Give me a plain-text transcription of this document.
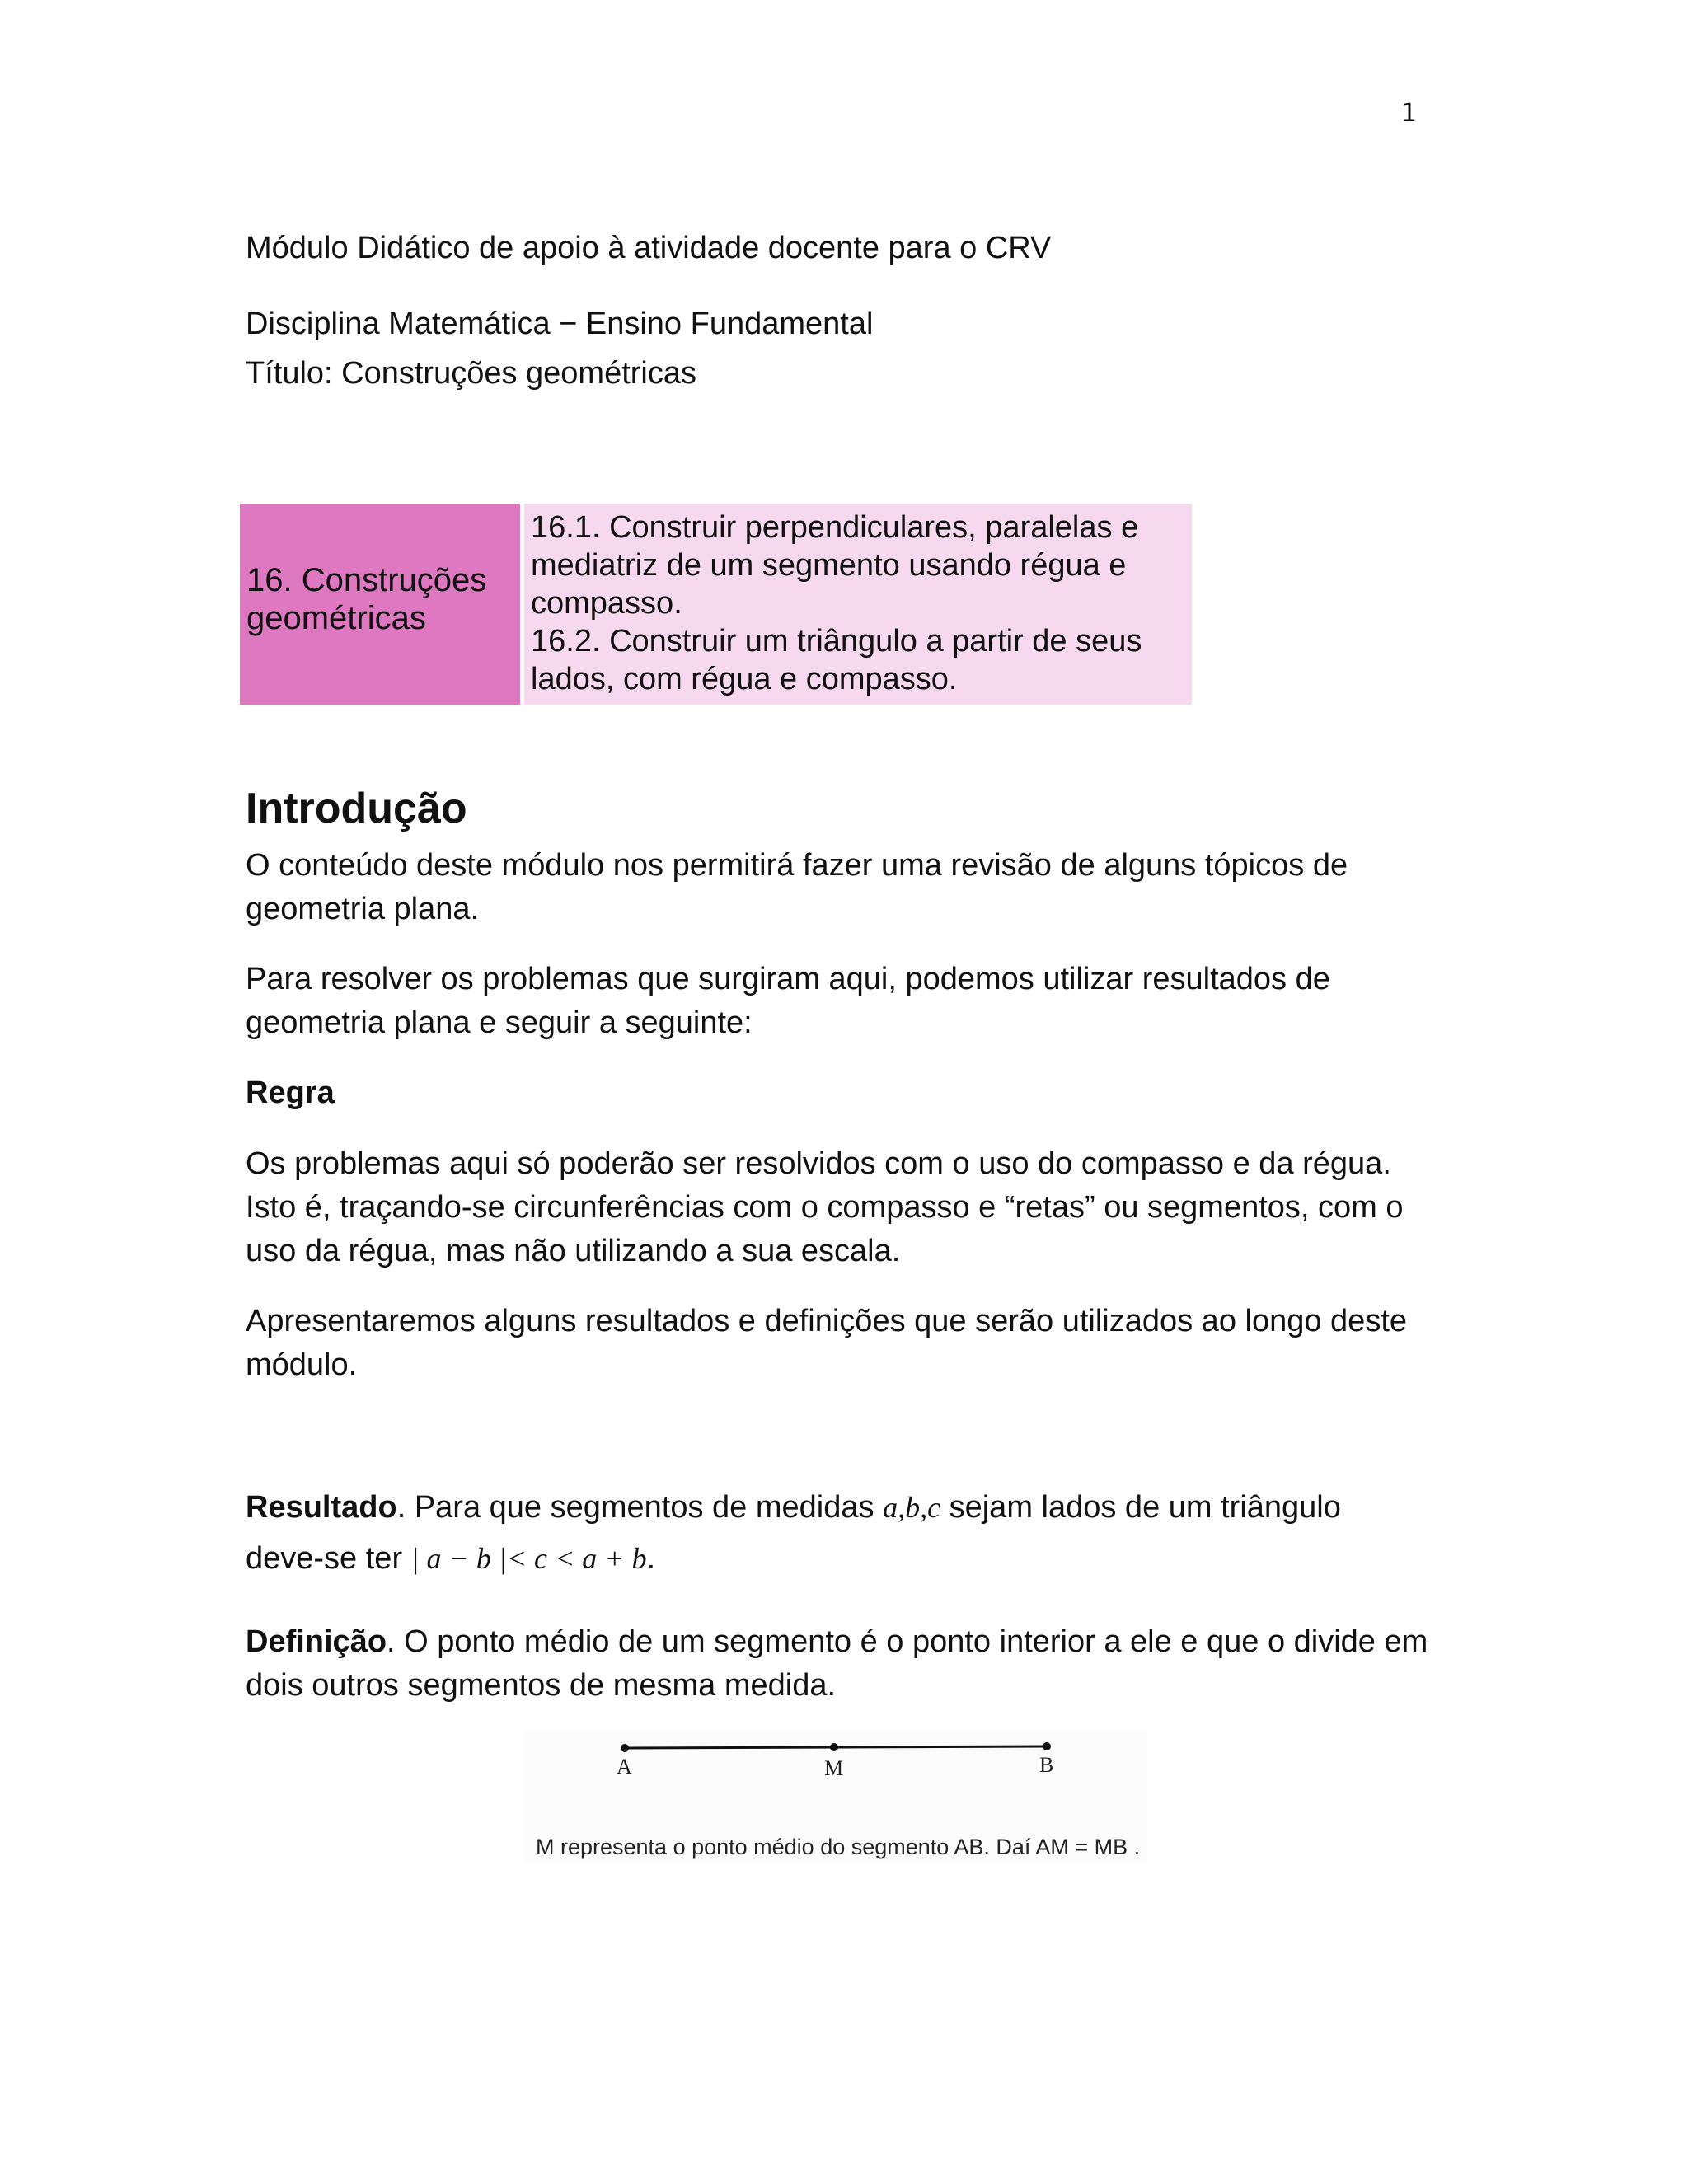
1
Módulo Didático de apoio à atividade docente para o CRV
Disciplina Matemática − Ensino Fundamental
Título: Construções geométricas
16. Construções geométricas

16.1. Construir perpendiculares, paralelas e mediatriz de um segmento usando régua e compasso.

16.2. Construir um triângulo a partir de seus lados, com régua e compasso.

Introdução

O conteúdo deste módulo nos permitirá fazer uma revisão de alguns tópicos de geometria plana.

Para resolver os problemas que surgiram aqui, podemos utilizar resultados de geometria plana e seguir a seguinte:

Regra

Os problemas aqui só poderão ser resolvidos com o uso do compasso e da régua. Isto é, traçando-se circunferências com o compasso e “retas” ou segmentos, com o uso da régua, mas não utilizando a sua escala.

Apresentaremos alguns resultados e definições que serão utilizados ao longo deste módulo.

Resultado. Para que segmentos de medidas a,b,c sejam lados de um triângulo
deve-se ter | a − b |< c < a + b.

Definição. O ponto médio de um segmento é o ponto interior a ele e que o divide em dois outros segmentos de mesma medida.

A	M	B
M representa o ponto médio do segmento AB. Daí AM = MB .
